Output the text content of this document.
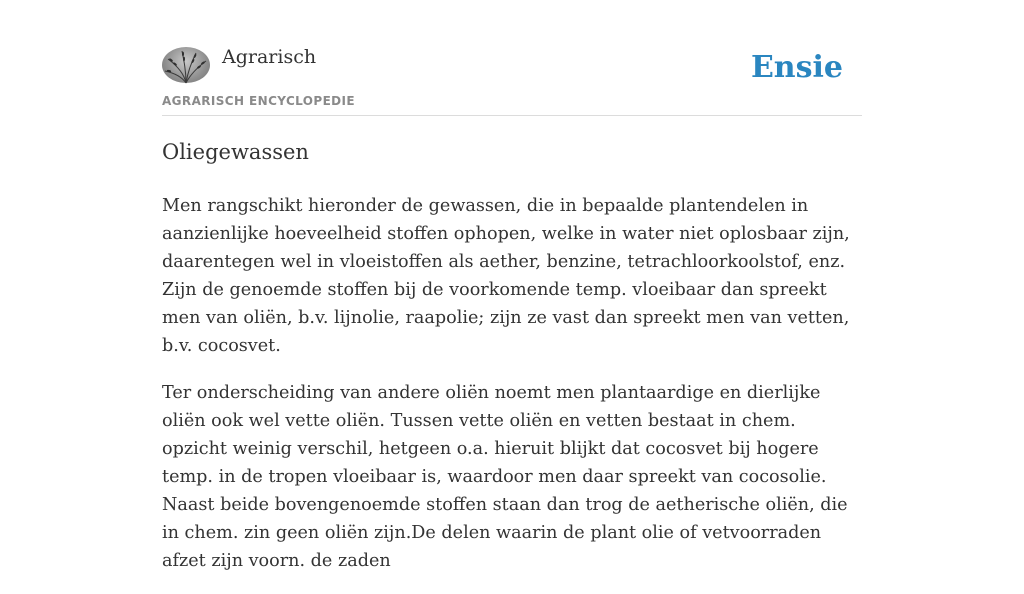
Agrarisch
AGRARISCH ENCYCLOPEDIE
Ensie
Oliegewassen

Men rangschikt hieronder de gewassen, die in bepaalde plantendelen in aanzienlijke hoeveelheid stoffen ophopen, welke in water niet oplosbaar zijn, daarentegen wel in vloeistoffen als aether, benzine, tetrachloorkoolstof, enz. Zijn de genoemde stoffen bij de voorkomende temp. vloeibaar dan spreekt men van oliën, b.v. lijnolie, raapolie; zijn ze vast dan spreekt men van vetten, b.v. cocosvet.

Ter onderscheiding van andere oliën noemt men plantaardige en dierlijke oliën ook wel vette oliën. Tussen vette oliën en vetten bestaat in chem. opzicht weinig verschil, hetgeen o.a. hieruit blijkt dat cocosvet bij hogere temp. in de tropen vloeibaar is, waardoor men daar spreekt van cocosolie. Naast beide bovengenoemde stoffen staan dan trog de aetherische oliën, die in chem. zin geen oliën zijn.De delen waarin de plant olie of vetvoorraden afzet zijn voorn. de zaden
